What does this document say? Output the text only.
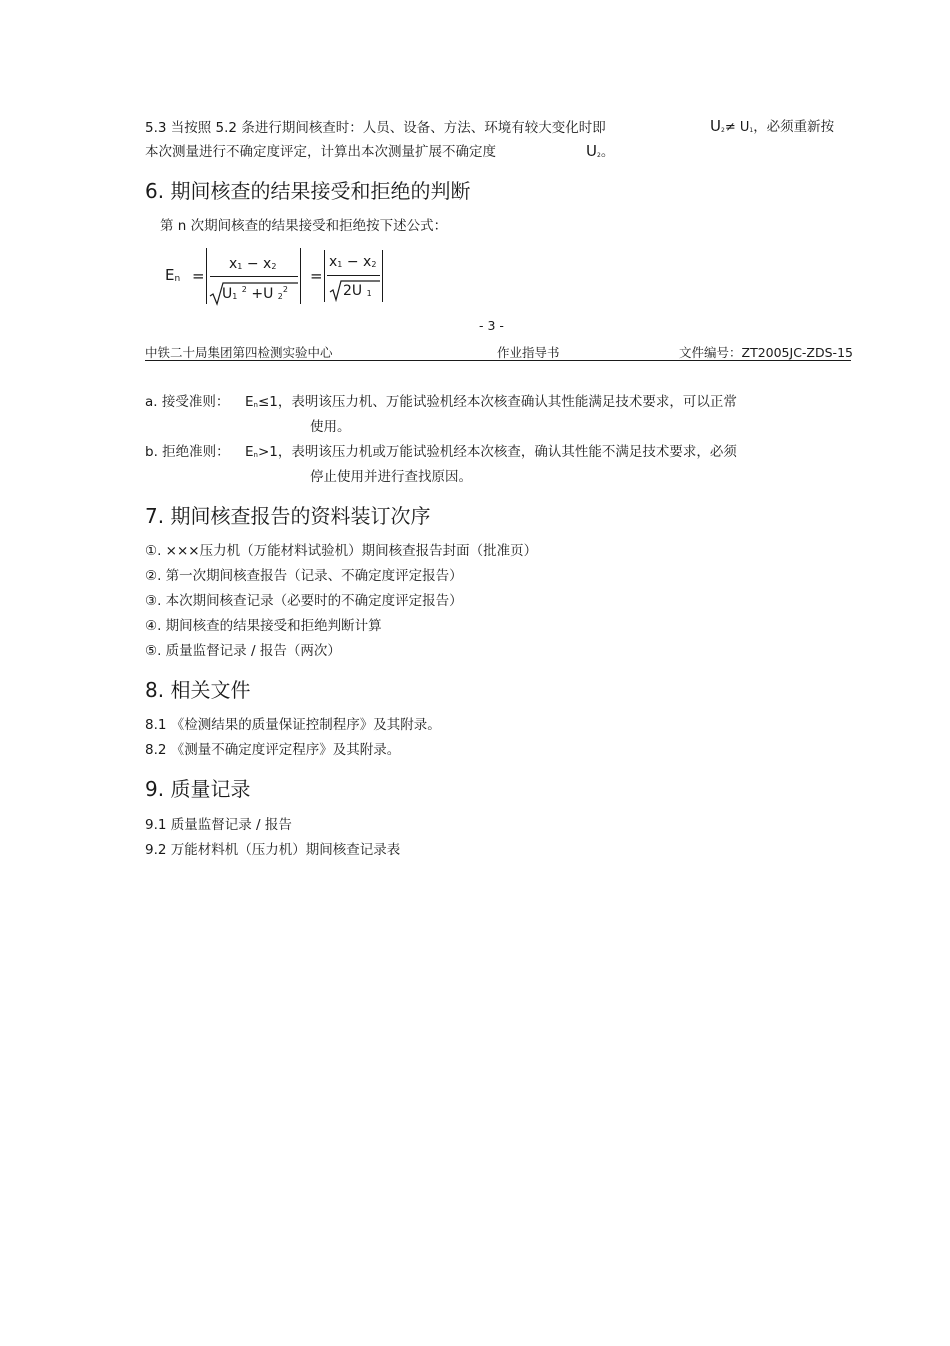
5.3 当按照 5.2 条进行期间核查时：人员、设备、方法、环境有较大变化时即	U2≠ U1，必须重新按
本次测量进行不确定度评定，计算出本次测量扩展不确定度	U2。
6. 期间核查的结果接受和拒绝的判断
第 n 次期间核查的结果接受和拒绝按下述公式：
En =
x1 − x2
U1 $^2$ +U $2^2$
=
x1 − x2
2U 1
- 3 -
中铁二十局集团第四检测实验中心	作业指导书	文件编号：ZT2005JC-ZDS-15
a. 接受准则： En≤1，表明该压力机、万能试验机经本次核查确认其性能满足技术要求，可以正常
使用。
b. 拒绝准则： En>1，表明该压力机或万能试验机经本次核查，确认其性能不满足技术要求，必须
停止使用并进行查找原因。
7. 期间核查报告的资料装订次序
①. ×××压力机（万能材料试验机）期间核查报告封面（批准页）
②. 第一次期间核查报告（记录、不确定度评定报告）
③. 本次期间核查记录（必要时的不确定度评定报告）
④. 期间核查的结果接受和拒绝判断计算
⑤. 质量监督记录 / 报告（两次）
8. 相关文件
8.1 《检测结果的质量保证控制程序》及其附录。
8.2 《测量不确定度评定程序》及其附录。
9. 质量记录
9.1 质量监督记录 / 报告
9.2 万能材料机（压力机）期间核查记录表
